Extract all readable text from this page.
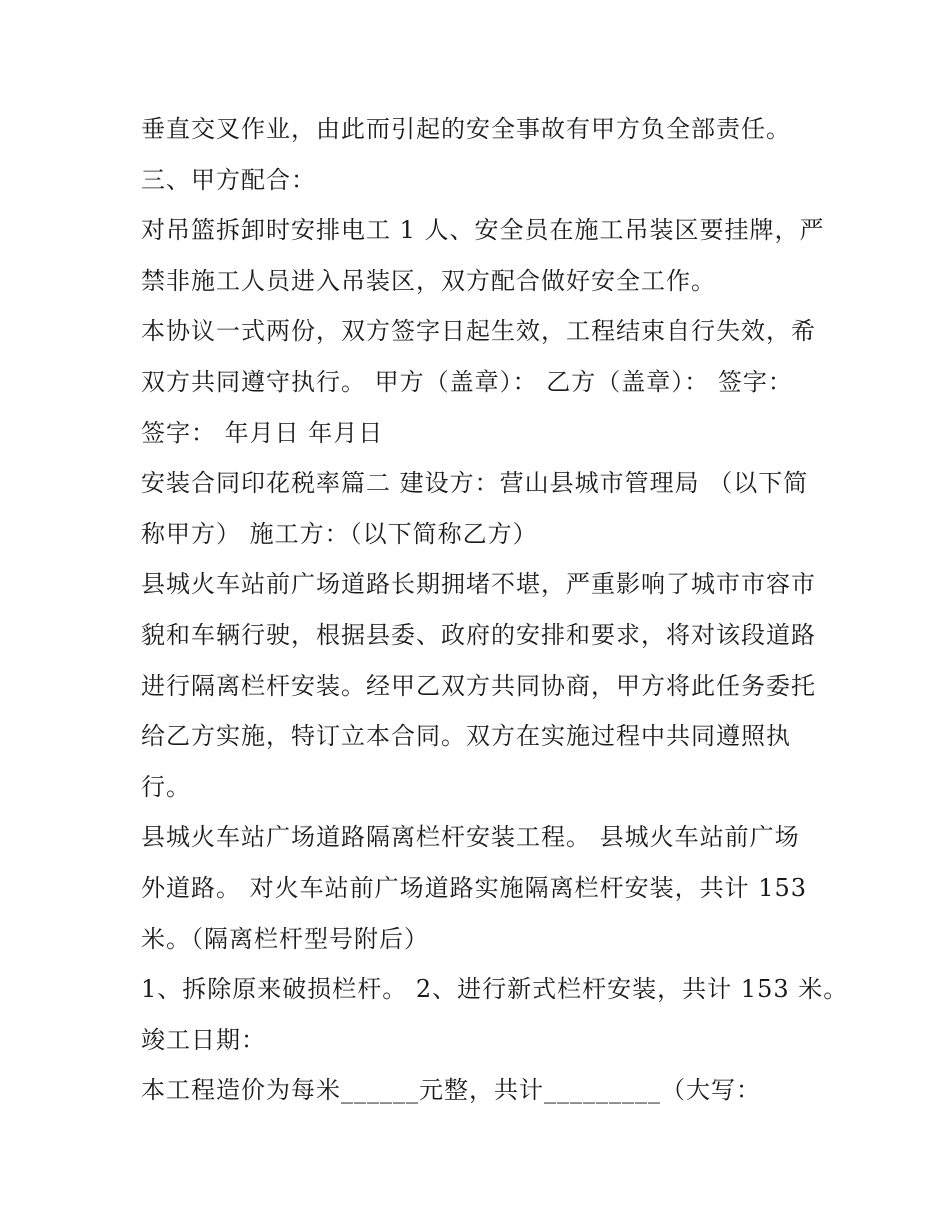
垂直交叉作业，由此而引起的安全事故有甲方负全部责任。
三、甲方配合：
对吊篮拆卸时安排电工 1 人、安全员在施工吊装区要挂牌，严
禁非施工人员进入吊装区，双方配合做好安全工作。
本协议一式两份，双方签字日起生效，工程结束自行失效，希
双方共同遵守执行。 甲方（盖章）： 乙方（盖章）： 签字：
签字： 年月日 年月日
安装合同印花税率篇二 建设方：营山县城市管理局 （以下简
称甲方） 施工方：（以下简称乙方）
县城火车站前广场道路长期拥堵不堪，严重影响了城市市容市
貌和车辆行驶，根据县委、政府的安排和要求，将对该段道路
进行隔离栏杆安装。经甲乙双方共同协商，甲方将此任务委托
给乙方实施，特订立本合同。双方在实施过程中共同遵照执
行。
县城火车站广场道路隔离栏杆安装工程。 县城火车站前广场
外道路。 对火车站前广场道路实施隔离栏杆安装，共计 153
米。（隔离栏杆型号附后）
1、拆除原来破损栏杆。 2、进行新式栏杆安装，共计 153 米。
竣工日期：
本工程造价为每米______元整，共计_________（大写：
